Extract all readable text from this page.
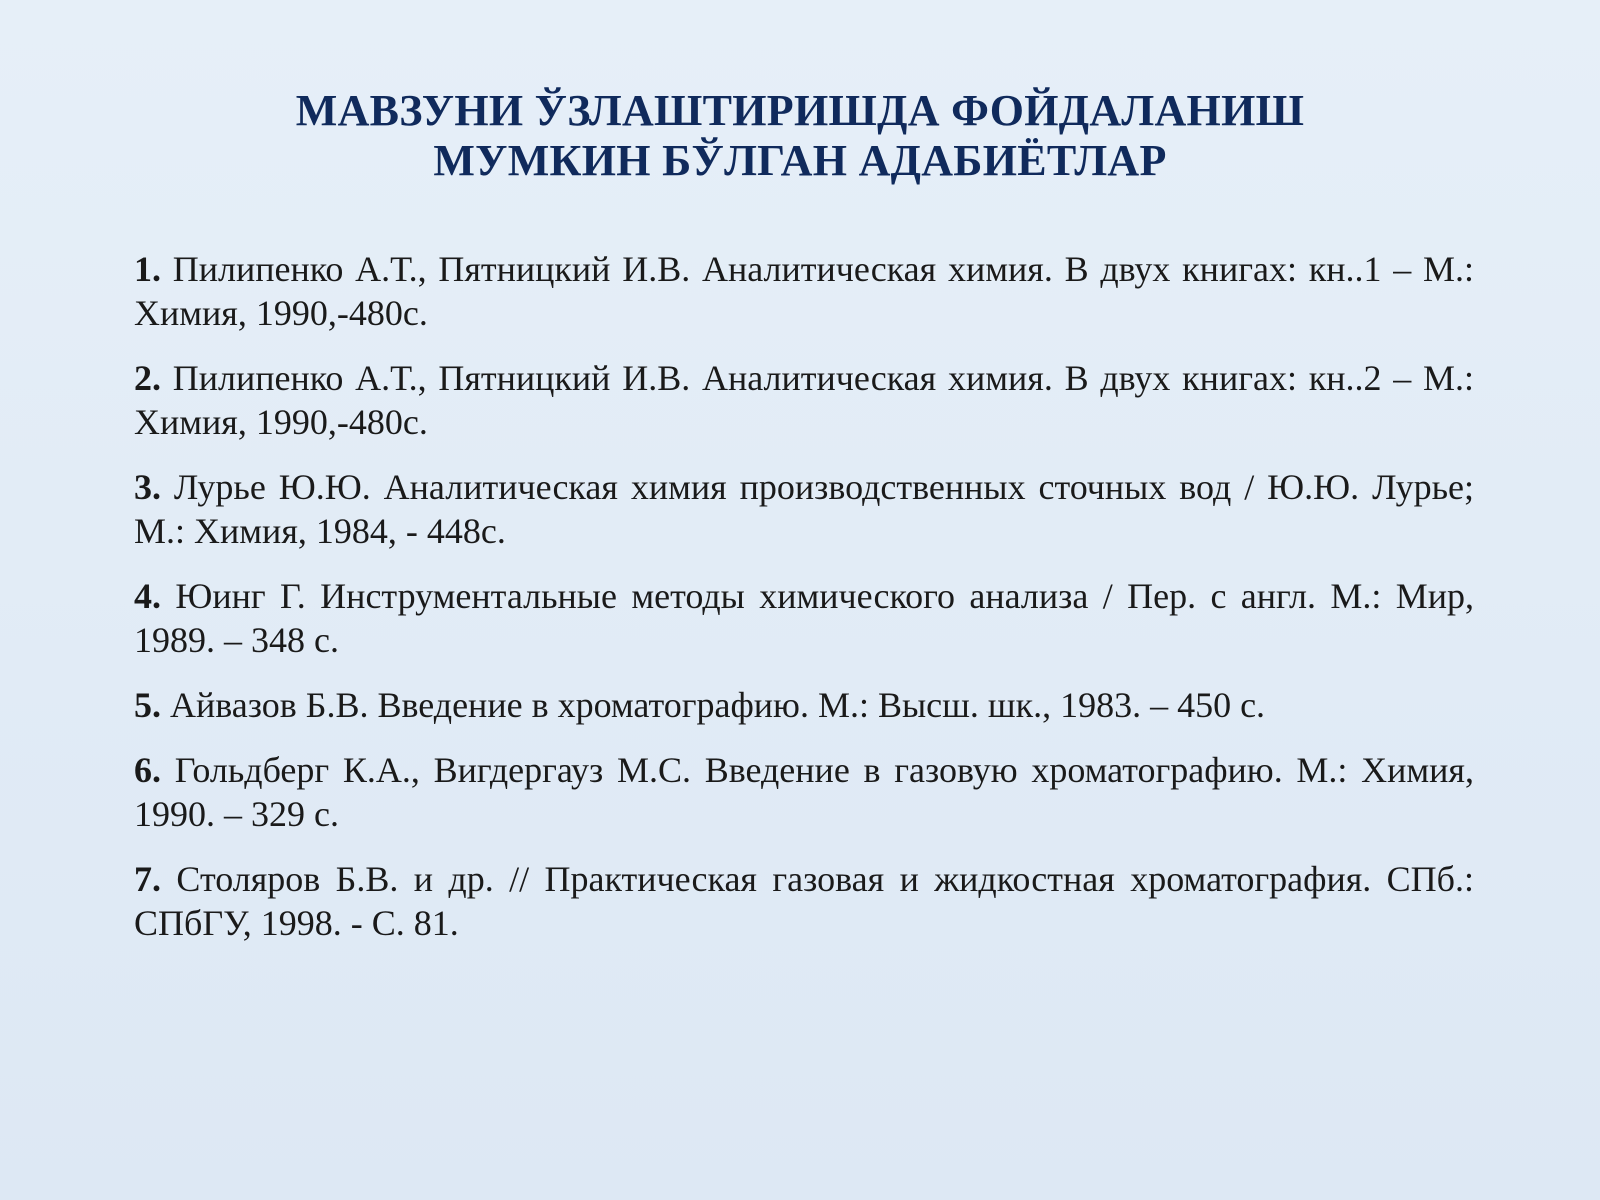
МАВЗУНИ ЎЗЛАШТИРИШДА ФОЙДАЛАНИШ
МУМКИН БЎЛГАН АДАБИЁТЛАР

1. Пилипенко А.Т., Пятницкий И.В. Аналитическая химия. В двух книгах: кн..1 – М.: Химия, 1990,-480с.

2. Пилипенко А.Т., Пятницкий И.В. Аналитическая химия. В двух книгах: кн..2 – М.: Химия, 1990,-480с.

3. Лурье Ю.Ю. Аналитическая химия производственных сточных вод / Ю.Ю. Лурье; М.: Химия, 1984, - 448с.

4. Юинг Г. Инструментальные методы химического анализа / Пер. с англ. М.: Мир, 1989. – 348 с.

5. Айвазов Б.В. Введение в хроматографию. М.: Высш. шк., 1983. – 450 с.

6. Гольдберг К.А., Вигдергауз М.С. Введение в газовую хроматографию. М.: Химия, 1990. – 329 с.

7. Столяров Б.В. и др. // Практическая газовая и жидкостная хроматография. СПб.: СПбГУ, 1998. - С. 81.
